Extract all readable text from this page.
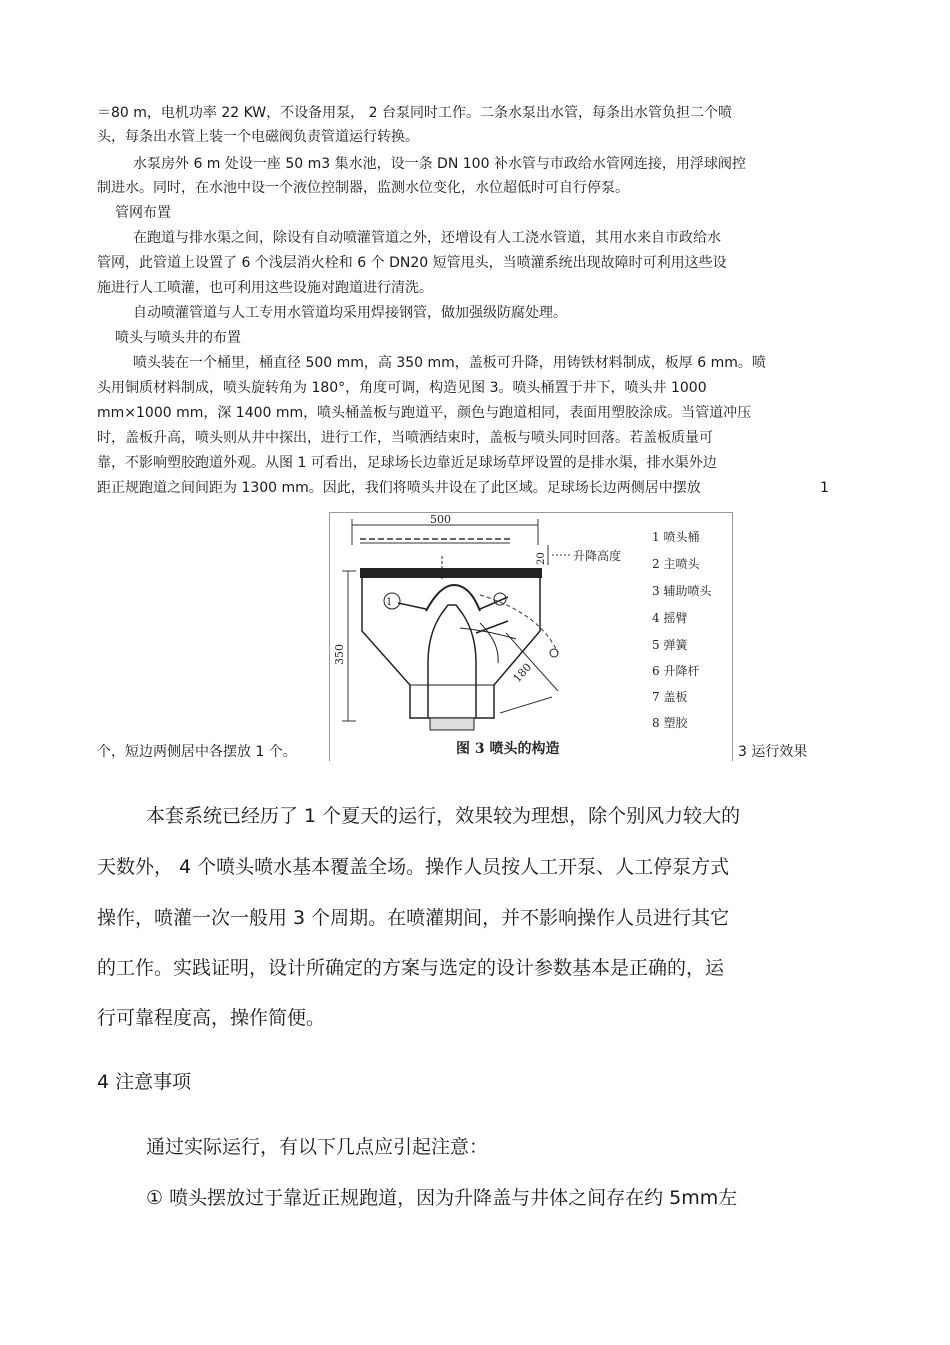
＝80 m，电机功率 22 KW，不设备用泵， 2 台泵同时工作。二条水泵出水管，每条出水管负担二个喷
头，每条出水管上装一个电磁阀负责管道运行转换。
水泵房外 6 m 处设一座 50 m3 集水池，设一条 DN 100 补水管与市政给水管网连接，用浮球阀控
制进水。同时，在水池中设一个液位控制器，监测水位变化，水位超低时可自行停泵。
管网布置
在跑道与排水渠之间，除设有自动喷灌管道之外，还增设有人工浇水管道，其用水来自市政给水
管网，此管道上设置了 6 个浅层消火栓和 6 个 DN20 短管甩头，当喷灌系统出现故障时可利用这些设
施进行人工喷灌，也可利用这些设施对跑道进行清洗。
自动喷灌管道与人工专用水管道均采用焊接钢管，做加强级防腐处理。
喷头与喷头井的布置
喷头装在一个桶里，桶直径 500 mm，高 350 mm，盖板可升降，用铸铁材料制成，板厚 6 mm。喷
头用铜质材料制成，喷头旋转角为 180°，角度可调，构造见图 3。喷头桶置于井下，喷头井 1000
mm×1000 mm，深 1400 mm，喷头桶盖板与跑道平，颜色与跑道相同，表面用塑胶涂成。当管道冲压
时，盖板升高，喷头则从井中探出，进行工作，当喷洒结束时，盖板与喷头同时回落。若盖板质量可
靠，不影响塑胶跑道外观。从图 1 可看出，足球场长边靠近足球场草坪设置的是排水渠，排水渠外边
距正规跑道之间间距为 1300 mm。因此，我们将喷头井设在了此区域。足球场长边两侧居中摆放	1
个，短边两侧居中各摆放 1 个。	3 运行效果
500
20 升降高度
1
180
350
1 喷头桶
2 主喷头
3 辅助喷头
4 摇臂
5 弹簧
6 升降杆
7 盖板
8 塑胶
图 3 喷头的构造
本套系统已经历了 1 个夏天的运行，效果较为理想，除个别风力较大的
天数外， 4 个喷头喷水基本覆盖全场。操作人员按人工开泵、人工停泵方式
操作，喷灌一次一般用 3 个周期。在喷灌期间，并不影响操作人员进行其它
的工作。实践证明，设计所确定的方案与选定的设计参数基本是正确的，运
行可靠程度高，操作简便。
4 注意事项
通过实际运行，有以下几点应引起注意：
① 喷头摆放过于靠近正规跑道，因为升降盖与井体之间存在约 5mm左
